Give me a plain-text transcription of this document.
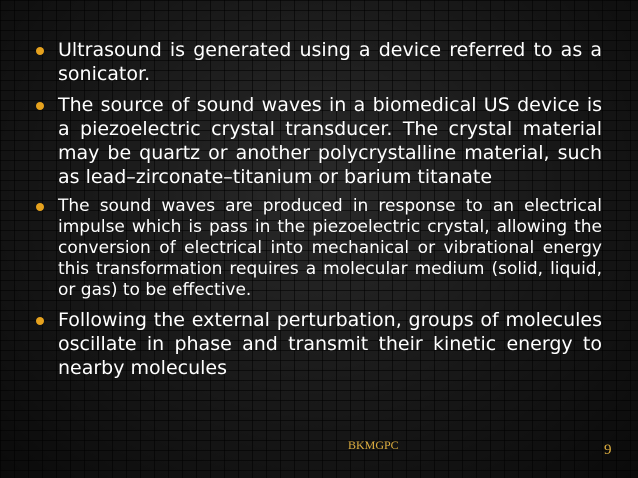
Ultrasound is generated using a device referred to as a sonicator.
The source of sound waves in a biomedical US device is a piezoelectric crystal transducer. The crystal material may be quartz or another polycrystalline material, such as lead–zirconate–titanium or barium titanate
The sound waves are produced in response to an electrical impulse which is pass in the piezoelectric crystal, allowing the conversion of electrical into mechanical or vibrational energy this transformation requires a molecular medium (solid, liquid, or gas) to be effective.
Following the external perturbation, groups of molecules oscillate in phase and transmit their kinetic energy to nearby molecules
BKMGPC	9
